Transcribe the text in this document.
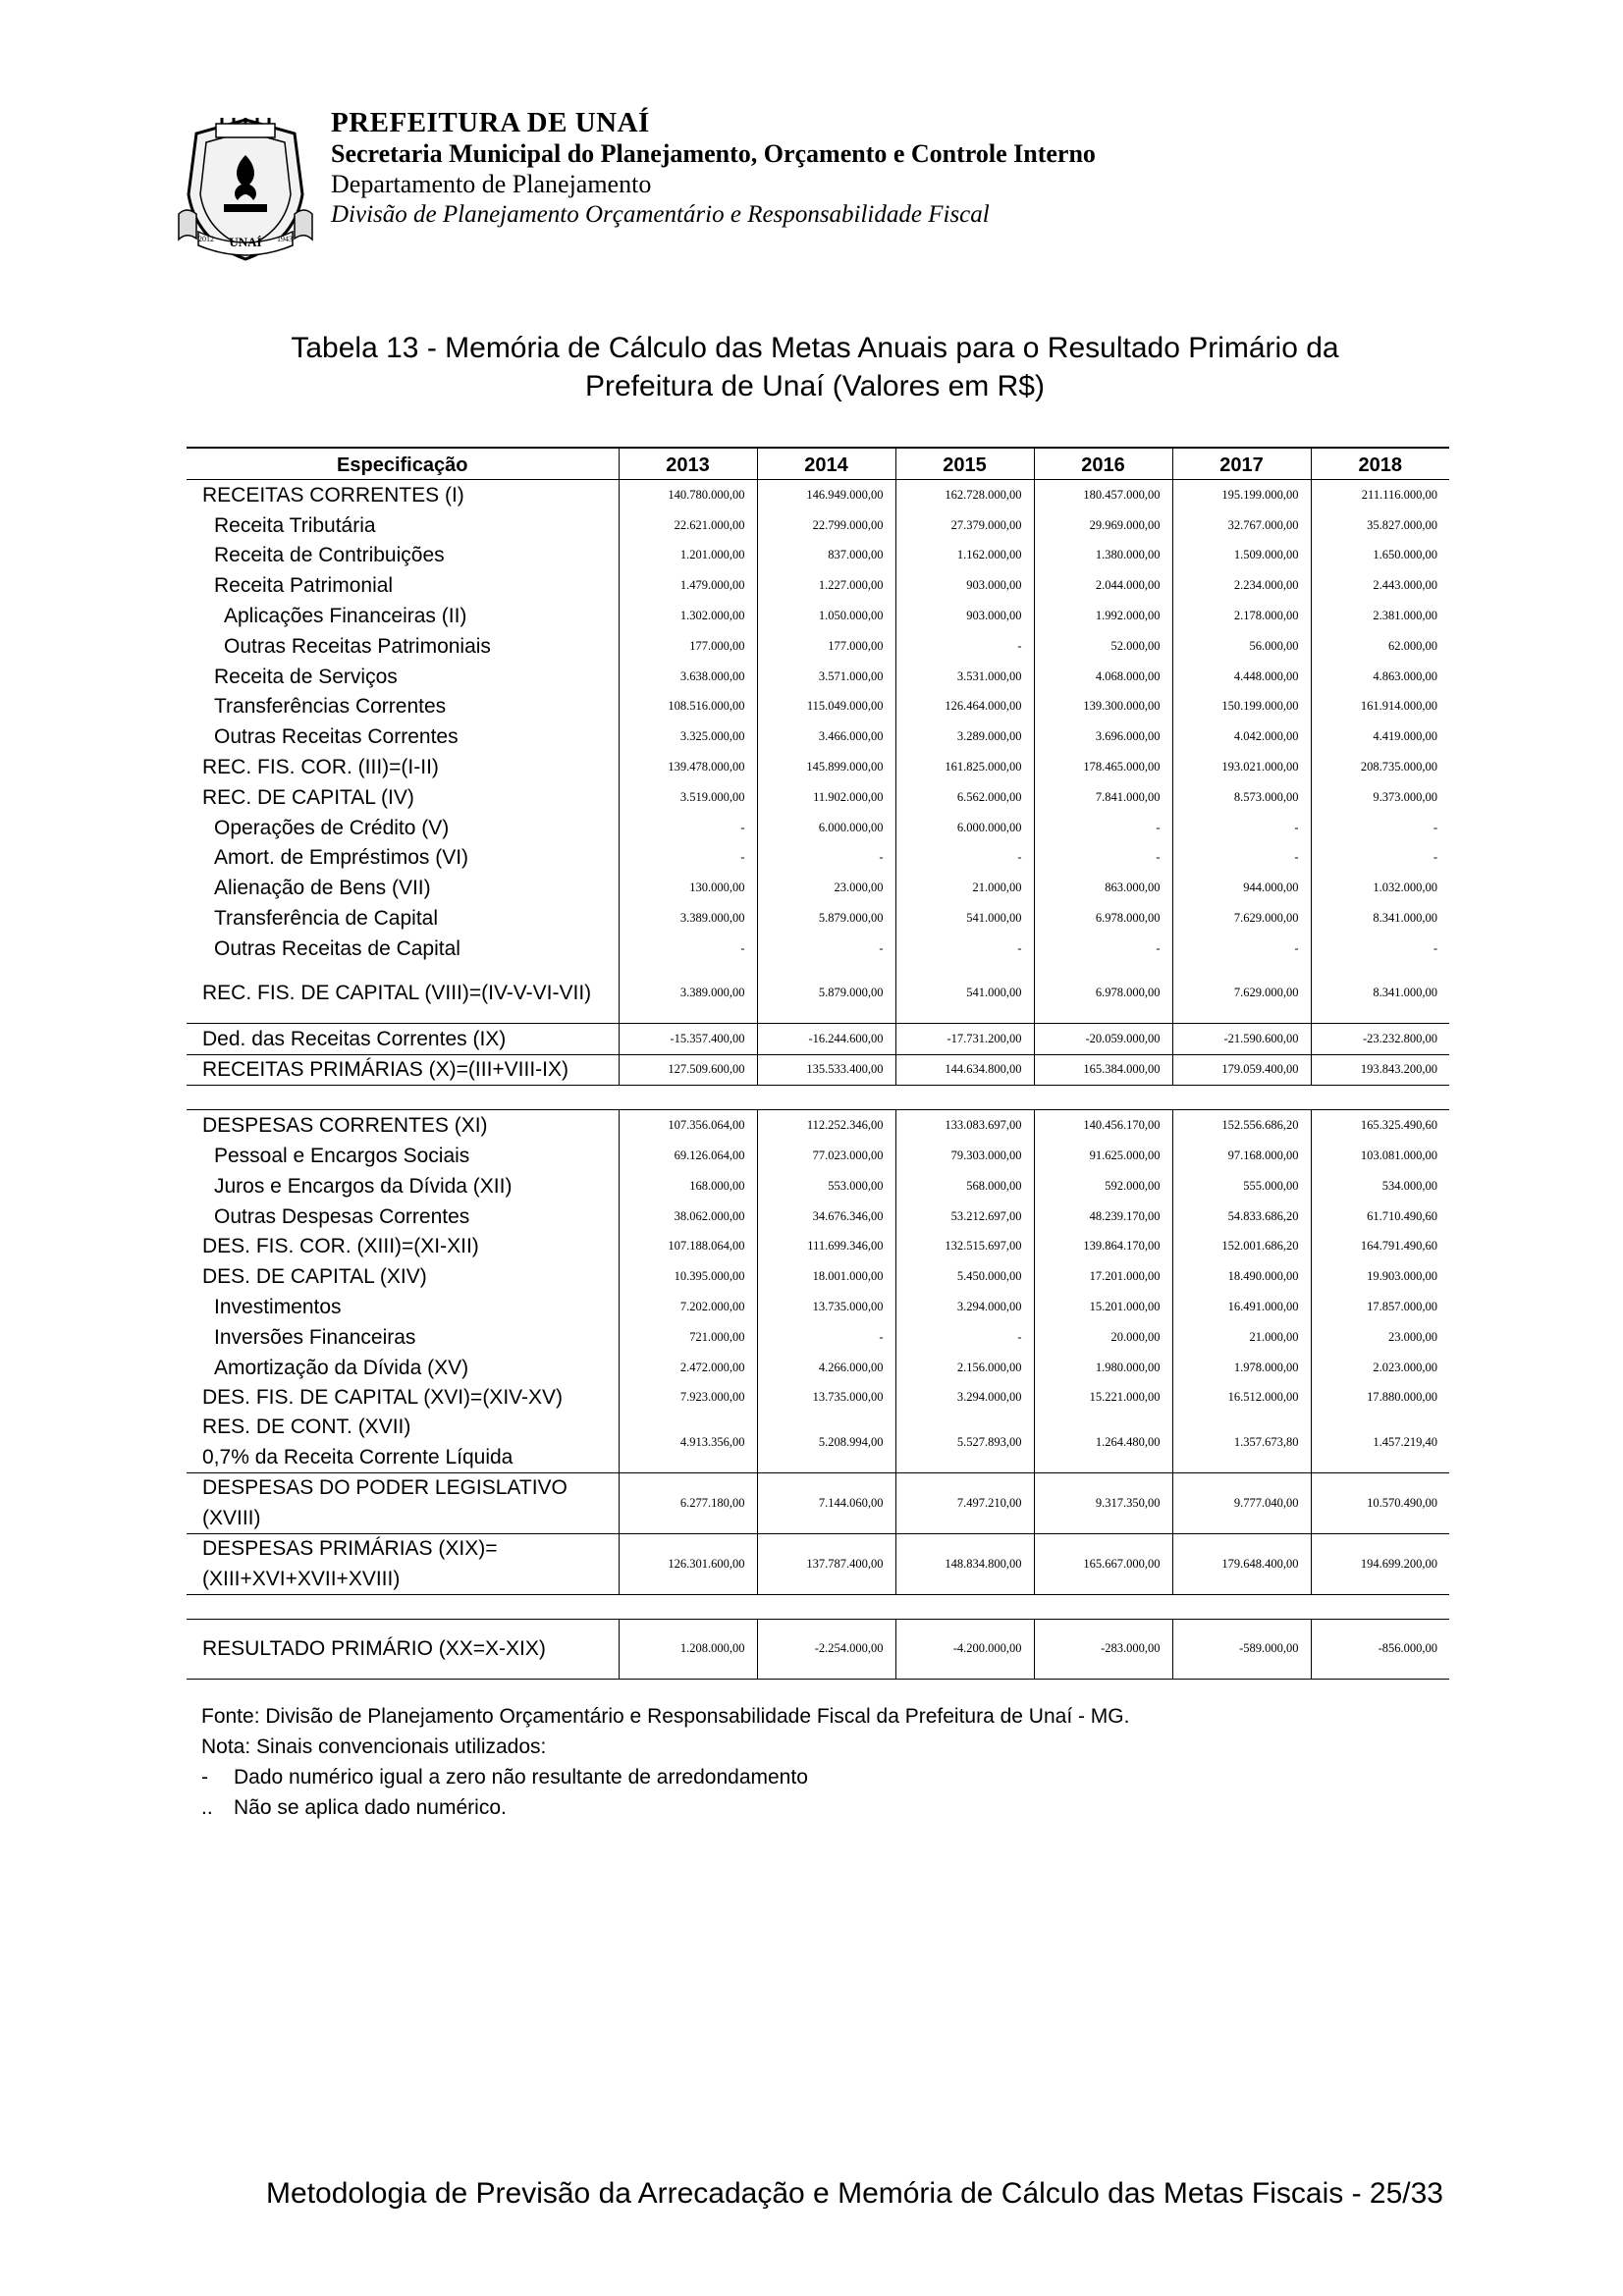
UNAÍ
2012	1943
PREFEITURA DE UNAÍ
Secretaria Municipal do Planejamento, Orçamento e Controle Interno
Departamento de Planejamento
Divisão de Planejamento Orçamentário e Responsabilidade Fiscal
Tabela 13 - Memória de Cálculo das Metas Anuais para o Resultado Primário da
Prefeitura de Unaí (Valores em R$)
Especificação	2013	2014	2015	2016	2017	2018
RECEITAS CORRENTES (I)	140.780.000,00	146.949.000,00	162.728.000,00	180.457.000,00	195.199.000,00	211.116.000,00
Receita Tributária	22.621.000,00	22.799.000,00	27.379.000,00	29.969.000,00	32.767.000,00	35.827.000,00
Receita de Contribuições	1.201.000,00	837.000,00	1.162.000,00	1.380.000,00	1.509.000,00	1.650.000,00
Receita Patrimonial	1.479.000,00	1.227.000,00	903.000,00	2.044.000,00	2.234.000,00	2.443.000,00
Aplicações Financeiras (II)	1.302.000,00	1.050.000,00	903.000,00	1.992.000,00	2.178.000,00	2.381.000,00
Outras Receitas Patrimoniais	177.000,00	177.000,00	-	52.000,00	56.000,00	62.000,00
Receita de Serviços	3.638.000,00	3.571.000,00	3.531.000,00	4.068.000,00	4.448.000,00	4.863.000,00
Transferências Correntes	108.516.000,00	115.049.000,00	126.464.000,00	139.300.000,00	150.199.000,00	161.914.000,00
Outras Receitas Correntes	3.325.000,00	3.466.000,00	3.289.000,00	3.696.000,00	4.042.000,00	4.419.000,00
REC. FIS. COR. (III)=(I-II)	139.478.000,00	145.899.000,00	161.825.000,00	178.465.000,00	193.021.000,00	208.735.000,00
REC. DE CAPITAL (IV)	3.519.000,00	11.902.000,00	6.562.000,00	7.841.000,00	8.573.000,00	9.373.000,00
Operações de Crédito (V)	-	6.000.000,00	6.000.000,00	-	-	-
Amort. de Empréstimos (VI)	-	-	-	-	-	-
Alienação de Bens (VII)	130.000,00	23.000,00	21.000,00	863.000,00	944.000,00	1.032.000,00
Transferência de Capital	3.389.000,00	5.879.000,00	541.000,00	6.978.000,00	7.629.000,00	8.341.000,00
Outras Receitas de Capital	-	-	-	-	-	-
REC. FIS. DE CAPITAL (VIII)=(IV-V-VI-VII)	3.389.000,00	5.879.000,00	541.000,00	6.978.000,00	7.629.000,00	8.341.000,00
Ded. das Receitas Correntes (IX)	-15.357.400,00	-16.244.600,00	-17.731.200,00	-20.059.000,00	-21.590.600,00	-23.232.800,00
RECEITAS PRIMÁRIAS (X)=(III+VIII-IX)	127.509.600,00	135.533.400,00	144.634.800,00	165.384.000,00	179.059.400,00	193.843.200,00

DESPESAS CORRENTES (XI)	107.356.064,00	112.252.346,00	133.083.697,00	140.456.170,00	152.556.686,20	165.325.490,60
Pessoal e Encargos Sociais	69.126.064,00	77.023.000,00	79.303.000,00	91.625.000,00	97.168.000,00	103.081.000,00
Juros e Encargos da Dívida (XII)	168.000,00	553.000,00	568.000,00	592.000,00	555.000,00	534.000,00
Outras Despesas Correntes	38.062.000,00	34.676.346,00	53.212.697,00	48.239.170,00	54.833.686,20	61.710.490,60
DES. FIS. COR. (XIII)=(XI-XII)	107.188.064,00	111.699.346,00	132.515.697,00	139.864.170,00	152.001.686,20	164.791.490,60
DES. DE CAPITAL (XIV)	10.395.000,00	18.001.000,00	5.450.000,00	17.201.000,00	18.490.000,00	19.903.000,00
Investimentos	7.202.000,00	13.735.000,00	3.294.000,00	15.201.000,00	16.491.000,00	17.857.000,00
Inversões Financeiras	721.000,00	-	-	20.000,00	21.000,00	23.000,00
Amortização da Dívida (XV)	2.472.000,00	4.266.000,00	2.156.000,00	1.980.000,00	1.978.000,00	2.023.000,00
DES. FIS. DE CAPITAL (XVI)=(XIV-XV)	7.923.000,00	13.735.000,00	3.294.000,00	15.221.000,00	16.512.000,00	17.880.000,00

RES. DE CONT. (XVII)
0,7% da Receita Corrente Líquida	4.913.356,00	5.208.994,00	5.527.893,00	1.264.480,00	1.357.673,80	1.457.219,40
DESPESAS DO PODER LEGISLATIVO (XVIII)	6.277.180,00	7.144.060,00	7.497.210,00	9.317.350,00	9.777.040,00	10.570.490,00
DESPESAS PRIMÁRIAS (XIX)=(XIII+XVI+XVII+XVIII)	126.301.600,00	137.787.400,00	148.834.800,00	165.667.000,00	179.648.400,00	194.699.200,00

RESULTADO PRIMÁRIO (XX=X-XIX)	1.208.000,00	-2.254.000,00	-4.200.000,00	-283.000,00	-589.000,00	-856.000,00
Fonte: Divisão de Planejamento Orçamentário e Responsabilidade Fiscal da Prefeitura de Unaí - MG.
Nota: Sinais convencionais utilizados:
- Dado numérico igual a zero não resultante de arredondamento
.. Não se aplica dado numérico.
Metodologia de Previsão da Arrecadação e Memória de Cálculo das Metas Fiscais - 25/33
